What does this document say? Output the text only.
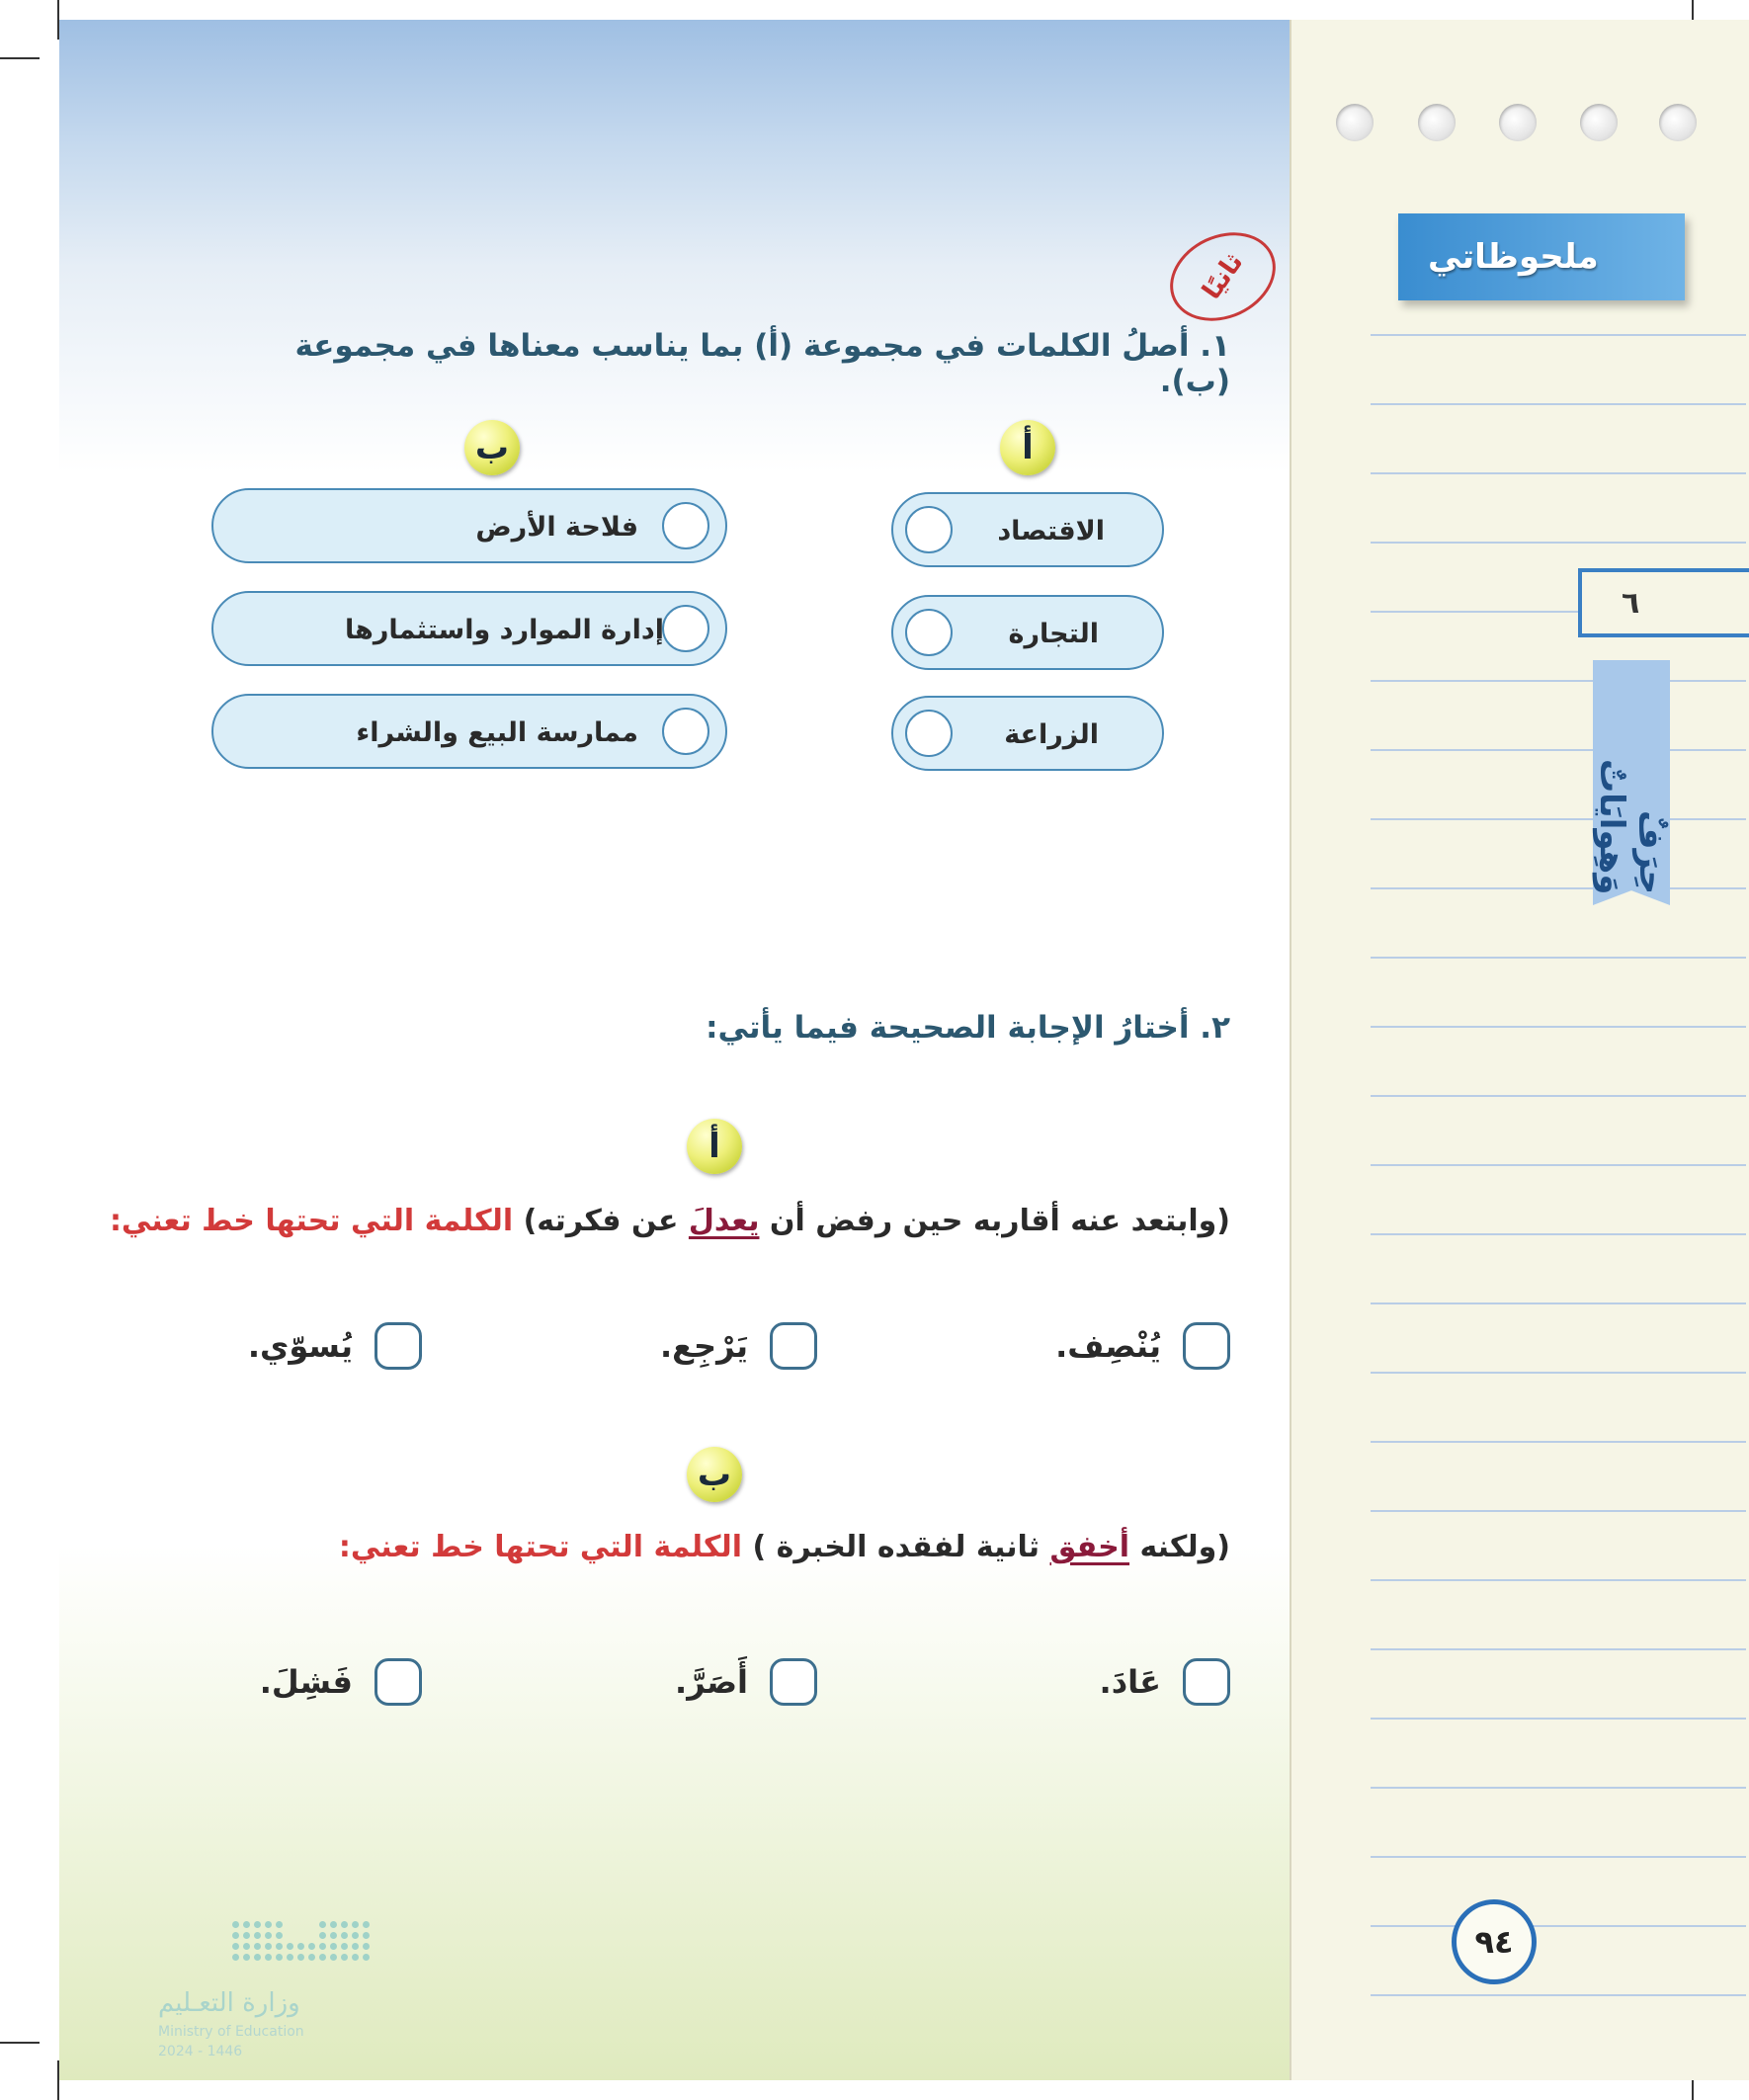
ثانيًا
١. أصلُ الكلمات في مجموعة (أ) بما يناسب معناها في مجموعة (ب).
أ
ب
الاقتصاد
التجارة
الزراعة
فلاحة الأرض
إدارة الموارد واستثمارها
ممارسة البيع والشراء
٢. أختارُ الإجابة الصحيحة فيما يأتي:
أ
(وابتعد عنه أقاربه حين رفض أن يعدلَ عن فكرته) الكلمة التي تحتها خط تعني:
يُنْصِف.
يَرْجِع.
يُسوّي.
ب
(ولكنه أخفق ثانية لفقده الخبرة ) الكلمة التي تحتها خط تعني:
عَادَ.
أَصَرَّ.
فَشِلَ.
وزارة التعـليم
Ministry of Education
2024 - 1446
ملحوظاتي
٦
حِرَفٌ وَهِوايَاتٌ
٩٤
